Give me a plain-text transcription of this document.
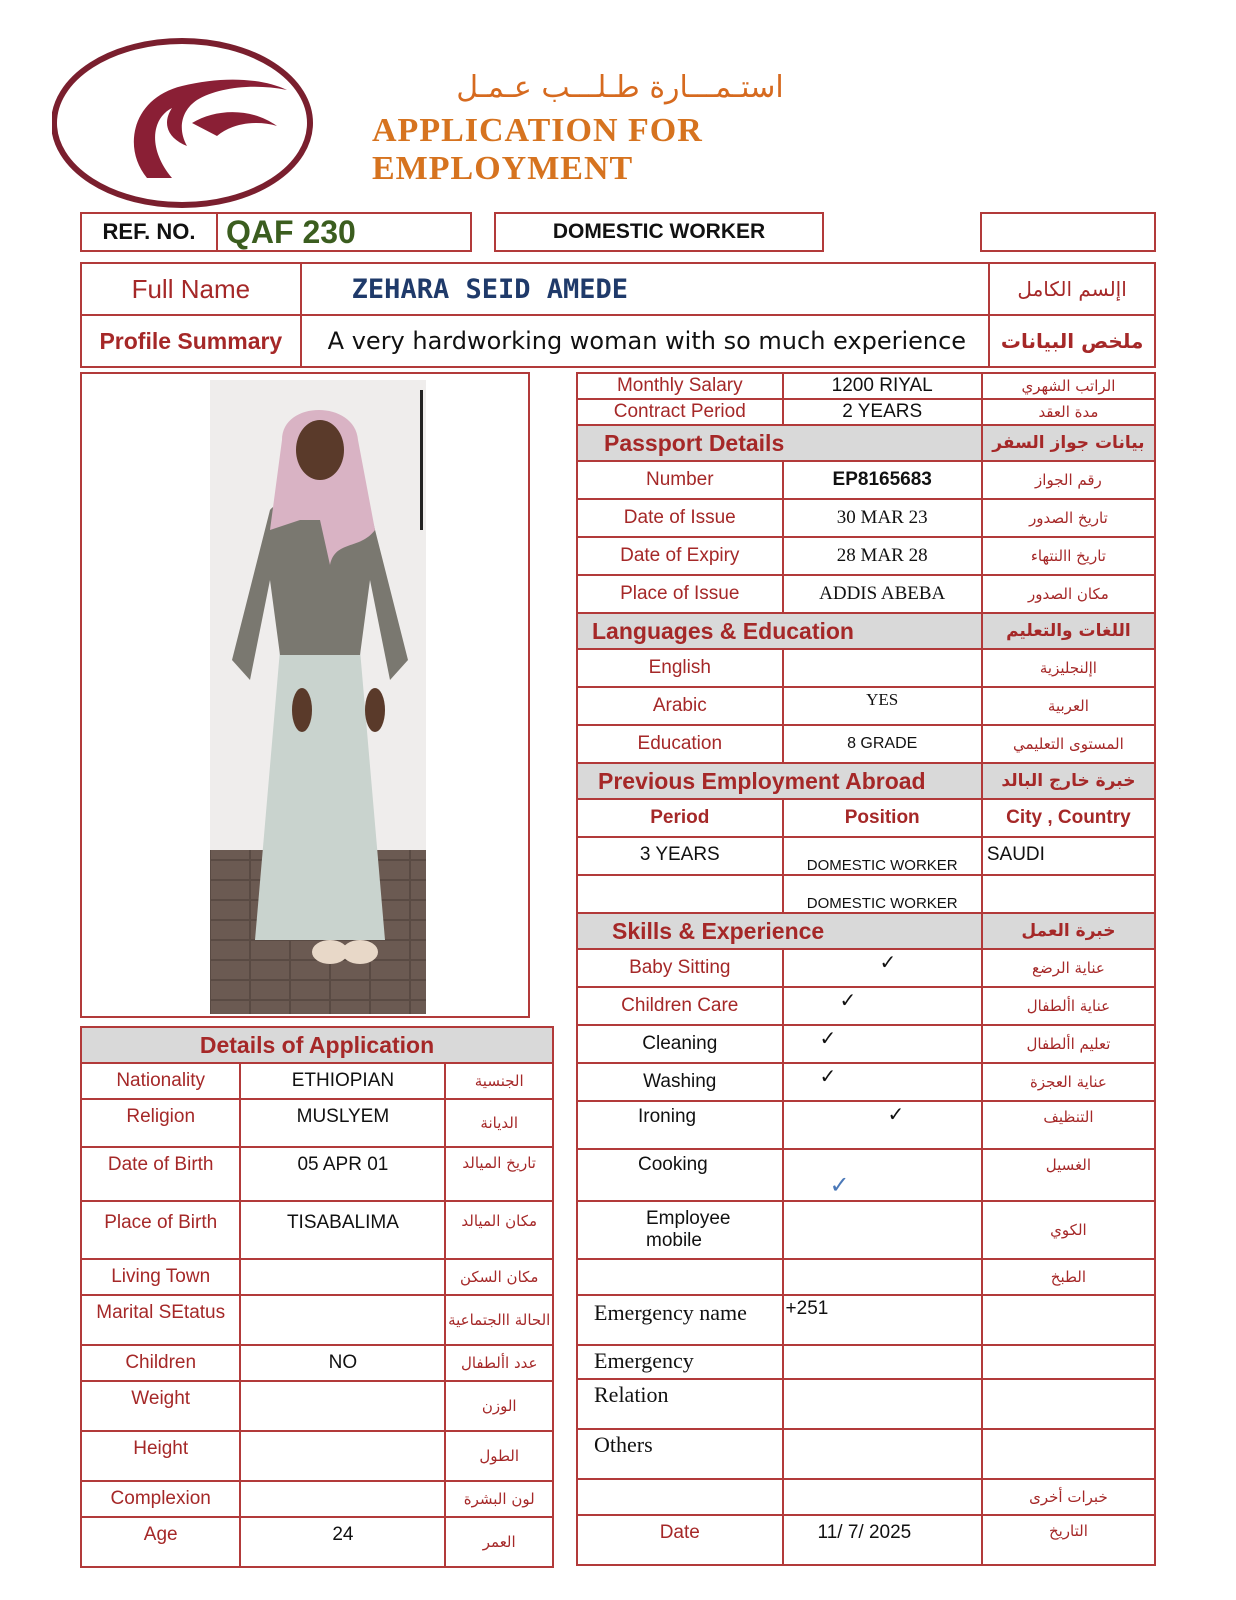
استـمـــارة طـلـــب عـمـل
APPLICATION FOR EMPLOYMENT
REF. NO. QAF 230	DOMESTIC WORKER
Full Name	ZEHARA SEID AMEDE	اإلسم الكامل
Profile Summary	A very hardworking woman with so much experience	ملخص البيانات
Monthly Salary	1200 RIYAL	الراتب الشهري
Contract Period	2 YEARS	مدة العقد
Passport Details		بيانات جواز السفر
Number	EP8165683	رقم الجواز
Date of Issue	30 MAR 23	تاريخ الصدور
Date of Expiry	28 MAR 28	تاريخ االنتهاء
Place of Issue	ADDIS ABEBA	مكان الصدور
Languages & Education		اللغات والتعليم
English		اإلنجليزية
Arabic	YES	العربية
Education	8 GRADE	المستوى التعليمي
Previous Employment Abroad		خبرة خارج البالد
Period	Position	City , Country
3 YEARS	DOMESTIC WORKER	SAUDI
	DOMESTIC WORKER	
Skills & Experience		خبرة العمل
Baby Sitting	✓	عناية الرضع
Children Care	✓	عناية األطفال
Cleaning	✓	تعليم األطفال
Washing	✓	عناية العجزة
Ironing	✓	التنظيف
Cooking	✓	الغسيل
Employee mobile		الكوي
		الطبخ
Emergency name	+251	
Emergency		
Relation		
Others		
		خبرات أخرى
Date	11/ 7/ 2025	التاريخ
Details of Application		
Nationality	ETHIOPIAN	الجنسية
Religion	MUSLYEM	الديانة
Date of Birth	05 APR 01	تاريخ الميالد
Place of Birth	TISABALIMA	مكان الميالد
Living Town		مكان السكن
Marital SEtatus		الحالة االجتماعية
Children	NO	عدد األطفال
Weight		الوزن
Height		الطول
Complexion		لون البشرة
Age	24	العمر
